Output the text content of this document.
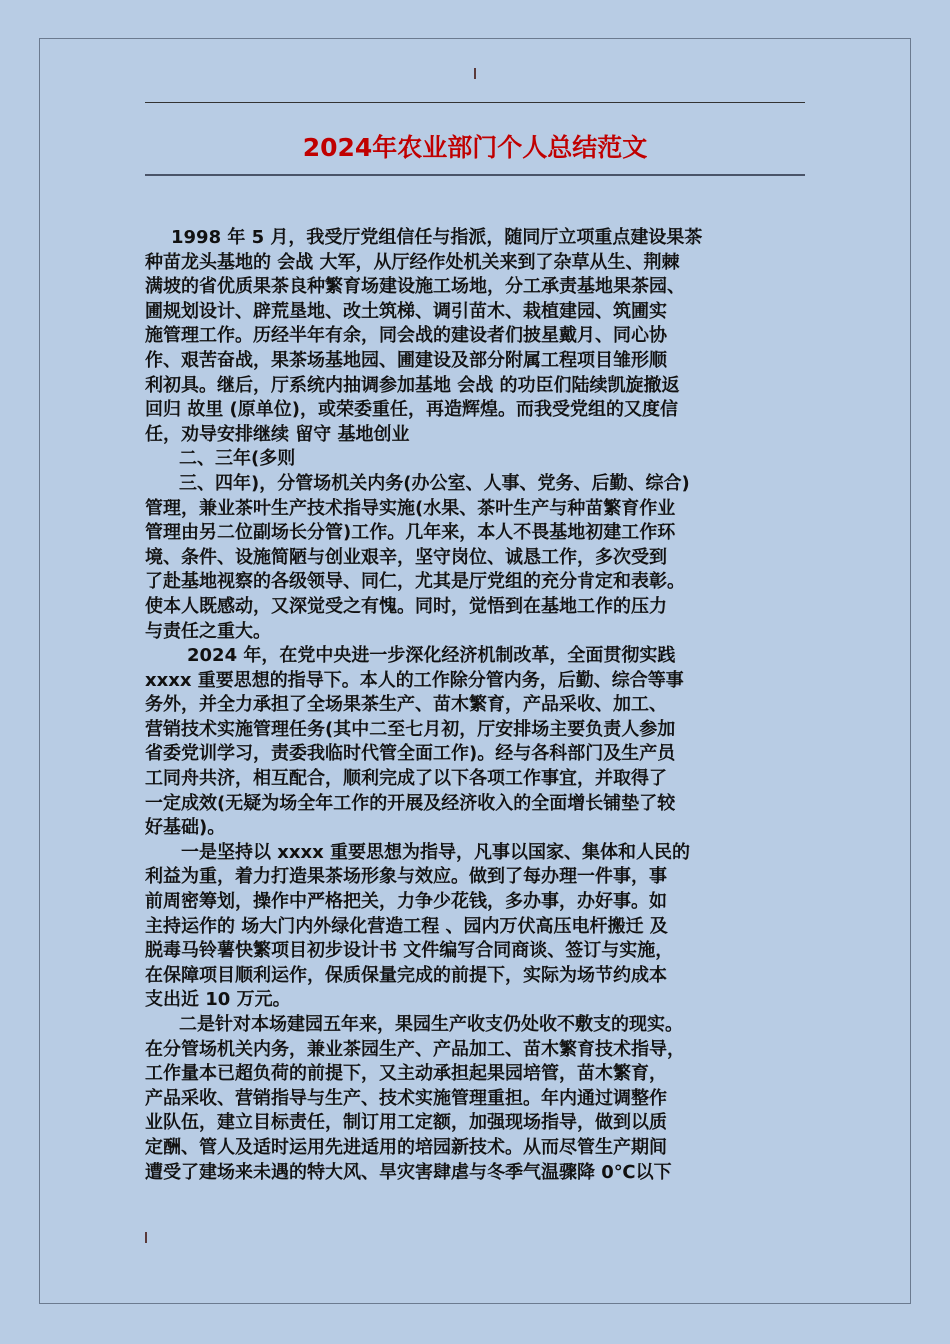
2024年农业部门个人总结范文

1998 年 5 月，我受厅党组信任与指派，随同厅立项重点建设果茶

种苗龙头基地的 会战 大军，从厅经作处机关来到了杂草从生、荆棘

满坡的省优质果茶良种繁育场建设施工场地，分工承责基地果茶园、

圃规划设计、辟荒垦地、改土筑梯、调引苗木、栽植建园、筑圃实

施管理工作。历经半年有余，同会战的建设者们披星戴月、同心协

作、艰苦奋战，果茶场基地园、圃建设及部分附属工程项目雏形顺

利初具。继后，厅系统内抽调参加基地 会战 的功臣们陆续凯旋撤返

回归 故里 (原单位)，或荣委重任，再造辉煌。而我受党组的又度信

任，劝导安排继续 留守 基地创业

二、三年(多则

三、四年)，分管场机关内务(办公室、人事、党务、后勤、综合)

管理，兼业茶叶生产技术指导实施(水果、茶叶生产与种苗繁育作业

管理由另二位副场长分管)工作。几年来，本人不畏基地初建工作环

境、条件、设施简陋与创业艰辛，坚守岗位、诚恳工作，多次受到

了赴基地视察的各级领导、同仁，尤其是厅党组的充分肯定和表彰。

使本人既感动，又深觉受之有愧。同时，觉悟到在基地工作的压力

与责任之重大。

2024 年，在党中央进一步深化经济机制改革，全面贯彻实践

xxxx 重要思想的指导下。本人的工作除分管内务，后勤、综合等事

务外，并全力承担了全场果茶生产、苗木繁育，产品采收、加工、

营销技术实施管理任务(其中二至七月初，厅安排场主要负责人参加

省委党训学习，责委我临时代管全面工作)。经与各科部门及生产员

工同舟共济，相互配合，顺利完成了以下各项工作事宜，并取得了

一定成效(无疑为场全年工作的开展及经济收入的全面增长铺垫了较

好基础)。

一是坚持以 xxxx 重要思想为指导，凡事以国家、集体和人民的

利益为重，着力打造果茶场形象与效应。做到了每办理一件事，事

前周密筹划，操作中严格把关，力争少花钱，多办事，办好事。如

主持运作的 场大门内外绿化营造工程 、园内万伏高压电杆搬迁 及

脱毒马铃薯快繁项目初步设计书 文件编写合同商谈、签订与实施，

在保障项目顺利运作，保质保量完成的前提下，实际为场节约成本

支出近 10 万元。

二是针对本场建园五年来，果园生产收支仍处收不敷支的现实。

在分管场机关内务，兼业茶园生产、产品加工、苗木繁育技术指导，

工作量本已超负荷的前提下，又主动承担起果园培管，苗木繁育，

产品采收、营销指导与生产、技术实施管理重担。年内通过调整作

业队伍，建立目标责任，制订用工定额，加强现场指导，做到以质

定酬、管人及适时运用先进适用的培园新技术。从而尽管生产期间

遭受了建场来未遇的特大风、旱灾害肆虐与冬季气温骤降 0℃以下
